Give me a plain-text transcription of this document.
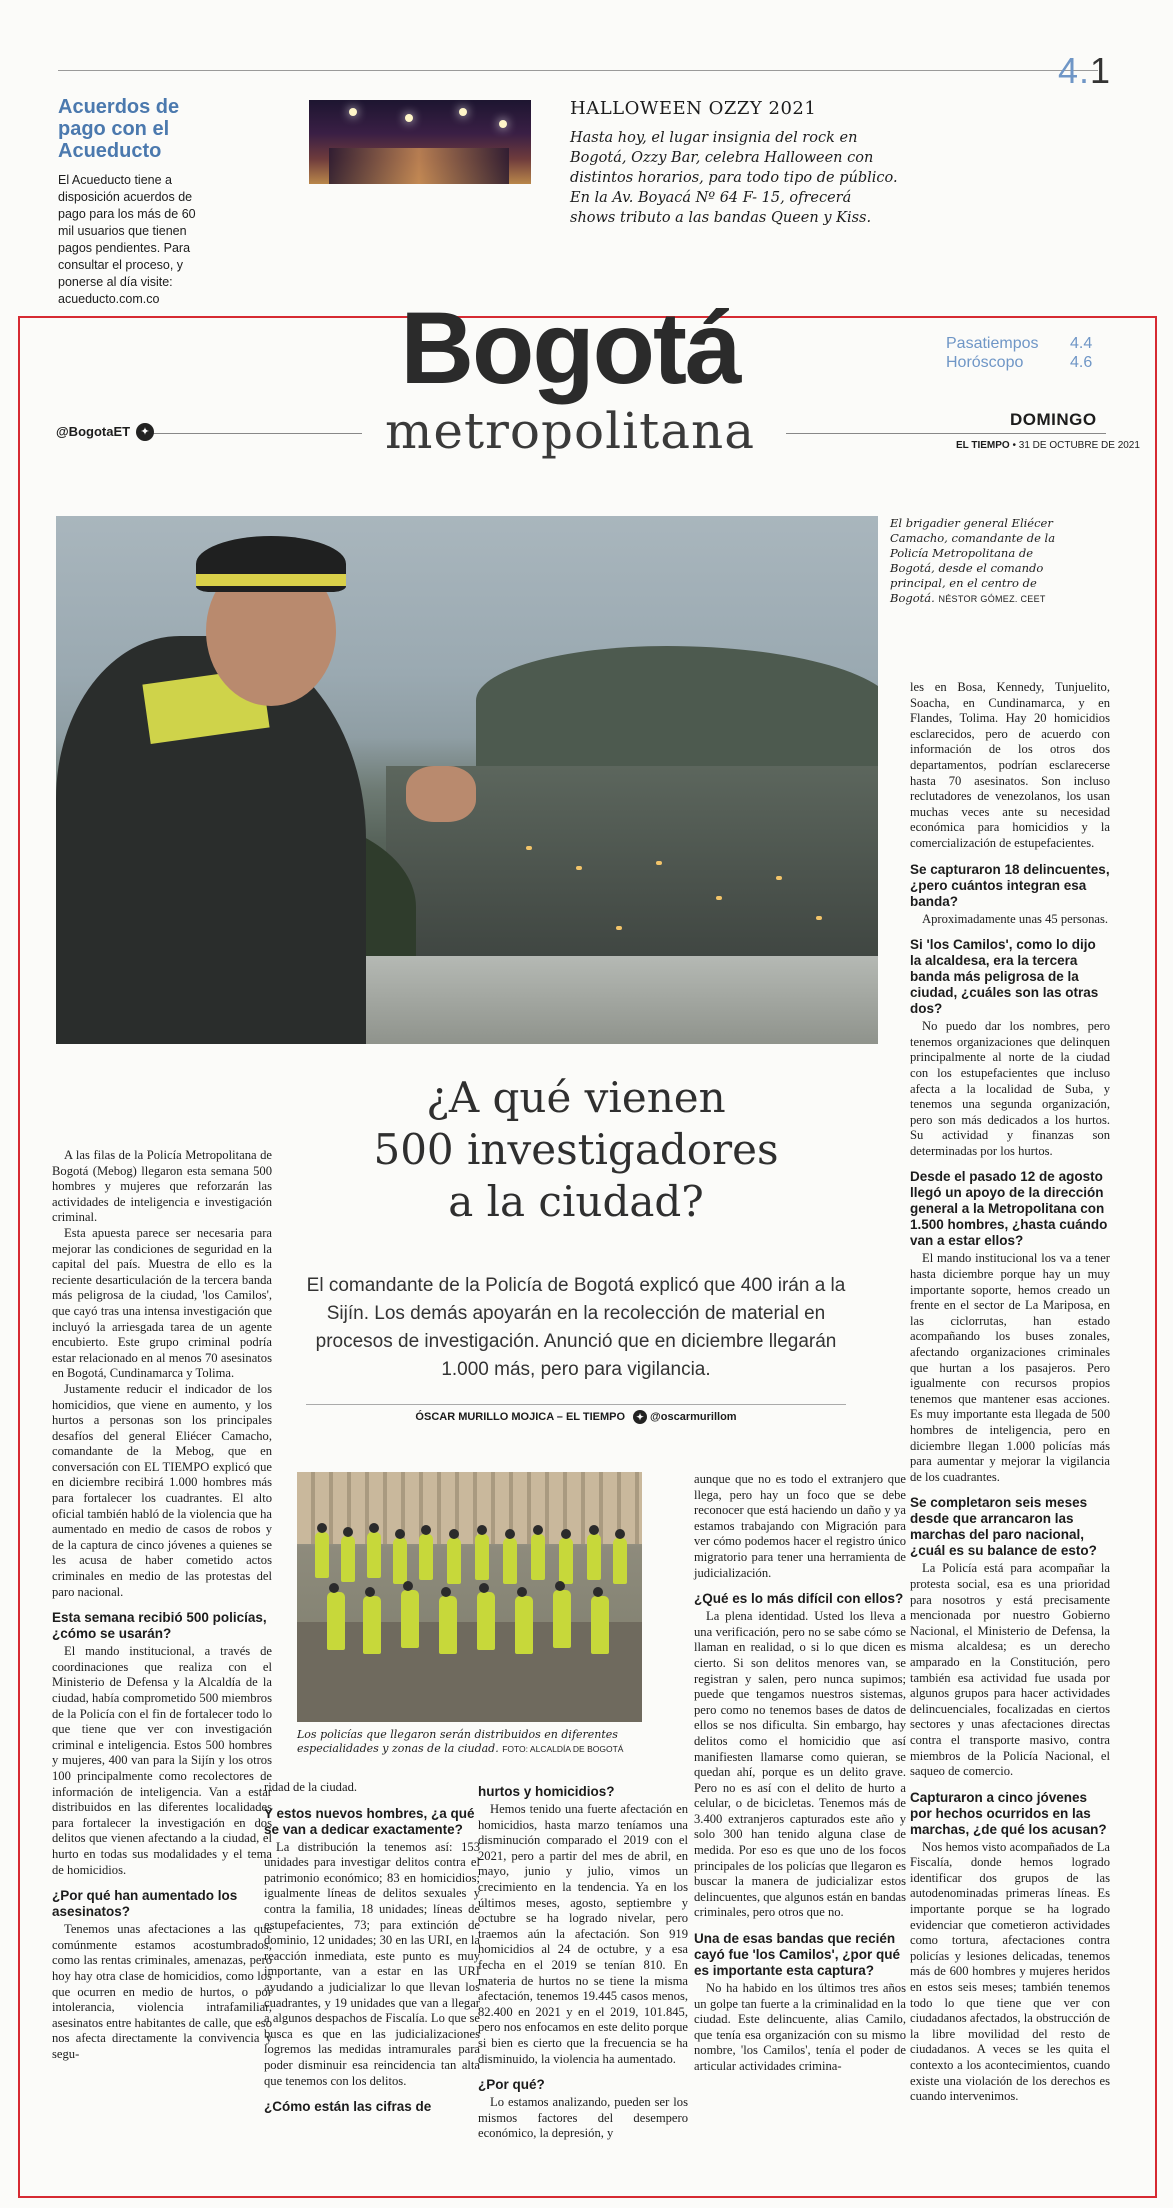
4.1
Acuerdos de pago con el Acueducto
El Acueducto tiene a disposición acuerdos de pago para los más de 60 mil usuarios que tienen pagos pendientes. Para consultar el proceso, y ponerse al día visite: acueducto.com.co
HALLOWEEN OZZY 2021
Hasta hoy, el lugar insignia del rock en Bogotá, Ozzy Bar, celebra Halloween con distintos horarios, para todo tipo de público. En la Av. Boyacá Nº 64 F- 15, ofrecerá shows tributo a las bandas Queen y Kiss.
Bogotá
metropolitana
@BogotaET ✦
Pasatiempos	4.4
Horóscopo	4.6
DOMINGO
EL TIEMPO • 31 DE OCTUBRE DE 2021
El brigadier general Eliécer Camacho, comandante de la Policía Metropolitana de Bogotá, desde el comando principal, en el centro de Bogotá. NÉSTOR GÓMEZ. CEET
¿A qué vienen
500 investigadores
a la ciudad?
El comandante de la Policía de Bogotá explicó que 400 irán a la Sijín. Los demás apoyarán en la recolección de material en procesos de investigación. Anunció que en diciembre llegarán 1.000 más, pero para vigilancia.
ÓSCAR MURILLO MOJICA – EL TIEMPO ✦ @oscarmurillom

A las filas de la Policía Metropolitana de Bogotá (Mebog) llegaron esta semana 500 hombres y mujeres que reforzarán las actividades de inteligencia e investigación criminal.

Esta apuesta parece ser necesaria para mejorar las condiciones de seguridad en la capital del país. Muestra de ello es la reciente desarticulación de la tercera banda más peligrosa de la ciudad, 'los Camilos', que cayó tras una intensa investigación que incluyó la arriesgada tarea de un agente encubierto. Este grupo criminal podría estar relacionado en al menos 70 asesinatos en Bogotá, Cundinamarca y Tolima.

Justamente reducir el indicador de los homicidios, que viene en aumento, y los hurtos a personas son los principales desafíos del general Eliécer Camacho, comandante de la Mebog, que en conversación con EL TIEMPO explicó que en diciembre recibirá 1.000 hombres más para fortalecer los cuadrantes. El alto oficial también habló de la violencia que ha aumentado en medio de casos de robos y de la captura de cinco jóvenes a quienes se les acusa de haber cometido actos criminales en medio de las protestas del paro nacional.

Esta semana recibió 500 policías, ¿cómo se usarán?

El mando institucional, a través de coordinaciones que realiza con el Ministerio de Defensa y la Alcaldía de la ciudad, había comprometido 500 miembros de la Policía con el fin de fortalecer todo lo que tiene que ver con investigación criminal e inteligencia. Estos 500 hombres y mujeres, 400 van para la Sijín y los otros 100 principalmente como recolectores de información de inteligencia. Van a estar distribuidos en las diferentes localidades para fortalecer la investigación en dos delitos que vienen afectando a la ciudad, el hurto en todas sus modalidades y el tema de homicidios.

¿Por qué han aumentado los asesinatos?

Tenemos unas afectaciones a las que comúnmente estamos acostumbrados, como las rentas criminales, amenazas, pero hoy hay otra clase de homicidios, como los que ocurren en medio de hurtos, o por intolerancia, violencia intrafamiliar, asesinatos entre habitantes de calle, que eso nos afecta directamente la convivencia y segu-

Los policías que llegaron serán distribuidos en diferentes especialidades y zonas de la ciudad. FOTO: ALCALDÍA DE BOGOTÁ

ridad de la ciudad.

Y estos nuevos hombres, ¿a qué se van a dedicar exactamente?

La distribución la tenemos así: 153 unidades para investigar delitos contra el patrimonio económico; 83 en homicidios; igualmente líneas de delitos sexuales y contra la familia, 18 unidades; líneas de estupefacientes, 73; para extinción de dominio, 12 unidades; 30 en las URI, en la reacción inmediata, este punto es muy importante, van a estar en las URI ayudando a judicializar lo que llevan los cuadrantes, y 19 unidades que van a llegar a algunos despachos de Fiscalía. Lo que se busca es que en las judicializaciones logremos las medidas intramurales para poder disminuir esa reincidencia tan alta que tenemos con los delitos.

¿Cómo están las cifras de
hurtos y homicidios?

Hemos tenido una fuerte afectación en homicidios, hasta marzo teníamos una disminución comparado el 2019 con el 2021, pero a partir del mes de abril, en mayo, junio y julio, vimos un crecimiento en la tendencia. Ya en los últimos meses, agosto, septiembre y octubre se ha logrado nivelar, pero traemos aún la afectación. Son 919 homicidios al 24 de octubre, y a esa fecha en el 2019 se tenían 810. En materia de hurtos no se tiene la misma afectación, tenemos 19.445 casos menos, 82.400 en 2021 y en el 2019, 101.845, pero nos enfocamos en este delito porque si bien es cierto que la frecuencia se ha disminuido, la violencia ha aumentado.

¿Por qué?

Lo estamos analizando, pueden ser los mismos factores del desempero económico, la depresión, y

aunque que no es todo el extranjero que llega, pero hay un foco que se debe reconocer que está haciendo un daño y ya estamos trabajando con Migración para ver cómo podemos hacer el registro único migratorio para tener una herramienta de judicialización.

¿Qué es lo más difícil con ellos?

La plena identidad. Usted los lleva a una verificación, pero no se sabe cómo se llaman en realidad, o si lo que dicen es cierto. Si son delitos menores van, se registran y salen, pero nunca supimos; puede que tengamos nuestros sistemas, pero como no tenemos bases de datos de ellos se nos dificulta. Sin embargo, hay delitos como el homicidio que así manifiesten llamarse como quieran, se quedan ahí, porque es un delito grave. Pero no es así con el delito de hurto a celular, o de bicicletas. Tenemos más de 3.400 extranjeros capturados este año y solo 300 han tenido alguna clase de medida. Por eso es que uno de los focos principales de los policías que llegaron es buscar la manera de judicializar estos delincuentes, que algunos están en bandas criminales, pero otros que no.

Una de esas bandas que recién cayó fue 'los Camilos', ¿por qué es importante esta captura?

No ha habido en los últimos tres años un golpe tan fuerte a la criminalidad en la ciudad. Este delincuente, alias Camilo, que tenía esa organización con su mismo nombre, 'los Camilos', tenía el poder de articular actividades crimina-

les en Bosa, Kennedy, Tunjuelito, Soacha, en Cundinamarca, y en Flandes, Tolima. Hay 20 homicidios esclarecidos, pero de acuerdo con información de los otros dos departamentos, podrían esclarecerse hasta 70 asesinatos. Son incluso reclutadores de venezolanos, los usan muchas veces ante su necesidad económica para homicidios y la comercialización de estupefacientes.

Se capturaron 18 delincuentes, ¿pero cuántos integran esa banda?

Aproximadamente unas 45 personas.

Si 'los Camilos', como lo dijo la alcaldesa, era la tercera banda más peligrosa de la ciudad, ¿cuáles son las otras dos?

No puedo dar los nombres, pero tenemos organizaciones que delinquen principalmente al norte de la ciudad con los estupefacientes que incluso afecta a la localidad de Suba, y tenemos una segunda organización, pero son más dedicados a los hurtos. Su actividad y finanzas son determinadas por los hurtos.

Desde el pasado 12 de agosto llegó un apoyo de la dirección general a la Metropolitana con 1.500 hombres, ¿hasta cuándo van a estar ellos?

El mando institucional los va a tener hasta diciembre porque hay un muy importante soporte, hemos creado un frente en el sector de La Mariposa, en las ciclorrutas, han estado acompañando los buses zonales, afectando organizaciones criminales que hurtan a los pasajeros. Pero igualmente con recursos propios tenemos que mantener esas acciones. Es muy importante esta llegada de 500 hombres de inteligencia, pero en diciembre llegan 1.000 policías más para aumentar y mejorar la vigilancia de los cuadrantes.

Se completaron seis meses desde que arrancaron las marchas del paro nacional, ¿cuál es su balance de esto?

La Policía está para acompañar la protesta social, esa es una prioridad para nosotros y está precisamente mencionada por nuestro Gobierno Nacional, el Ministerio de Defensa, la misma alcaldesa; es un derecho amparado en la Constitución, pero también esa actividad fue usada por algunos grupos para hacer actividades delincuenciales, focalizadas en ciertos sectores y unas afectaciones directas contra el transporte masivo, contra miembros de la Policía Nacional, el saqueo de comercio.

Capturaron a cinco jóvenes por hechos ocurridos en las marchas, ¿de qué los acusan?

Nos hemos visto acompañados de La Fiscalía, donde hemos logrado identificar dos grupos de las autodenominadas primeras líneas. Es importante porque se ha logrado evidenciar que cometieron actividades como tortura, afectaciones contra policías y lesiones delicadas, tenemos más de 600 hombres y mujeres heridos en estos seis meses; también tenemos todo lo que tiene que ver con ciudadanos afectados, la obstrucción de la libre movilidad del resto de ciudadanos. A veces se les quita el contexto a los acontecimientos, cuando existe una violación de los derechos es cuando intervenimos.
